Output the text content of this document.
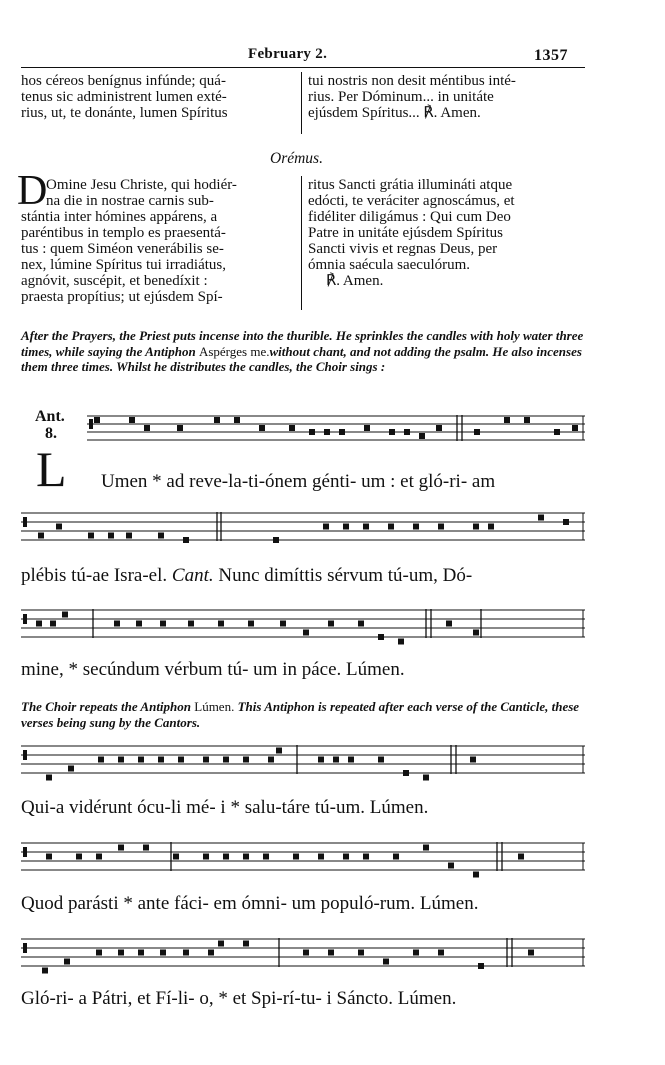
February 2.	1357
hos céreos benígnus infúnde; quá-
tenus sic administrent lumen exté-
rius, ut, te donánte, lumen Spíritus
tui nostris non desit méntibus inté-
rius. Per Dóminum... in unitáte
ejúsdem Spíritus... ℟. Amen.
Orémus.
D
Omine Jesu Christe, qui hodiér-
na die in nostrae carnis sub-
stántia inter hómines appárens, a
paréntibus in templo es praesentá-
tus : quem Siméon venerábilis se-
nex, lúmine Spíritus tui irradiátus,
agnóvit, suscépit, et benedíxit :
praesta propítius; ut ejúsdem Spí-
ritus Sancti grátia illumináti atque
edócti, te veráciter agnoscámus, et
fidéliter diligámus : Qui cum Deo
Patre in unitáte ejúsdem Spíritus
Sancti vivis et regnas Deus, per
ómnia saécula saeculórum.
℟. Amen.
After the Prayers, the Priest puts incense into the thurible. He sprinkles the candles with holy water three times, while saying the Antiphon Aspérges me.without chant, and not adding the psalm. He also incenses them three times. Whilst he distributes the candles, the Choir sings :
Ant.
8.
L Umen * ad reve-la-ti-ónem génti- um : et gló-ri- am
plébis tú-ae Isra-el. Cant. Nunc dimíttis sérvum tú-um, Dó-
mine, * secúndum vérbum tú- um in páce. Lúmen.
The Choir repeats the Antiphon Lúmen. This Antiphon is repeated after each verse of the Canticle, these verses being sung by the Cantors.
Qui-a vidérunt ócu-li mé- i * salu-táre tú-um. Lúmen.
Quod parásti * ante fáci- em ómni- um populó-rum. Lúmen.
Gló-ri- a Pátri, et Fí-li- o, * et Spi-rí-tu- i Sáncto. Lúmen.
